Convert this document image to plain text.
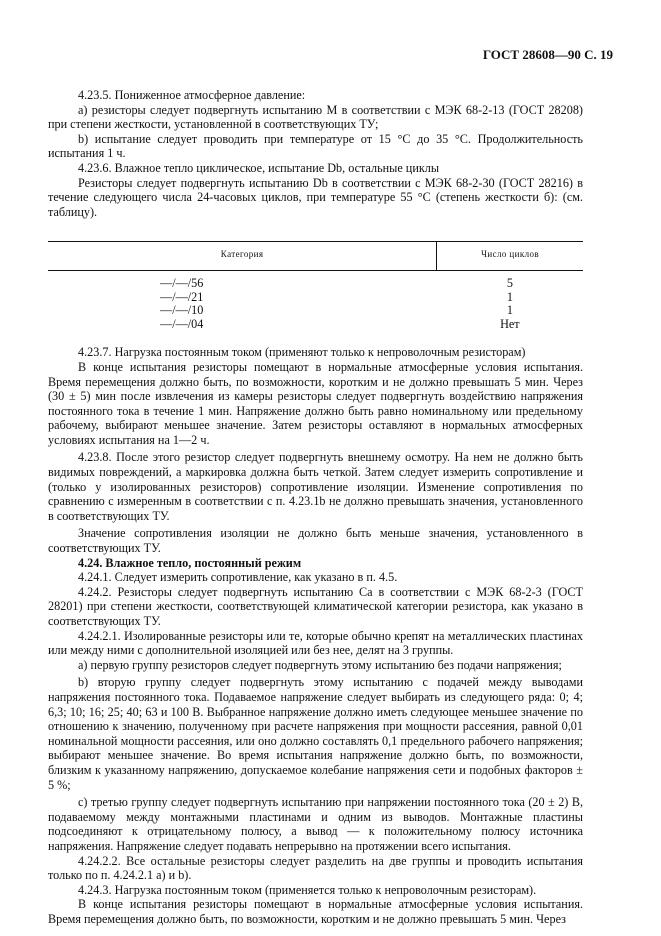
ГОСТ 28608—90 С. 19

4.23.5. Пониженное атмосферное давление:

а) резисторы следует подвергнуть испытанию М в соответствии с МЭК 68-2-13 (ГОСТ 28208) при степени жесткости, установленной в соответствующих ТУ;

b) испытание следует проводить при температуре от 15 °С до 35 °С. Продолжительность испытания 1 ч.

4.23.6. Влажное тепло циклическое, испытание Db, остальные циклы

Резисторы следует подвергнуть испытанию Db в соответствии с МЭК 68-2-30 (ГОСТ 28216) в течение следующего числа 24-часовых циклов, при температуре 55 °С (степень жесткости б): (см. таблицу).

Категория	Число циклов
—/—/56	5
—/—/21	1
—/—/10	1
—/—/04	Нет

4.23.7. Нагрузка постоянным током (применяют только к непроволочным резисторам)

В конце испытания резисторы помещают в нормальные атмосферные условия испытания. Время перемещения должно быть, по возможности, коротким и не должно превышать 5 мин. Через (30 ± 5) мин после извлечения из камеры резисторы следует подвергнуть воздействию напряжения постоянного тока в течение 1 мин. Напряжение должно быть равно номинальному или предельному рабочему, выбирают меньшее значение. Затем резисторы оставляют в нормальных атмосферных условиях испытания на 1—2 ч.

4.23.8. После этого резистор следует подвергнуть внешнему осмотру. На нем не должно быть видимых повреждений, а маркировка должна быть четкой. Затем следует измерить сопротивление и (только у изолированных резисторов) сопротивление изоляции. Изменение сопротивления по сравнению с измеренным в соответствии с п. 4.23.1b не должно превышать значения, установленного в соответствующих ТУ.

Значение сопротивления изоляции не должно быть меньше значения, установленного в соответствующих ТУ.

4.24. Влажное тепло, постоянный режим

4.24.1. Следует измерить сопротивление, как указано в п. 4.5.

4.24.2. Резисторы следует подвергнуть испытанию Са в соответствии с МЭК 68-2-3 (ГОСТ 28201) при степени жесткости, соответствующей климатической категории резистора, как указано в соответствующих ТУ.

4.24.2.1. Изолированные резисторы или те, которые обычно крепят на металлических пластинах или между ними с дополнительной изоляцией или без нее, делят на 3 группы.

а) первую группу резисторов следует подвергнуть этому испытанию без подачи напряжения;

b) вторую группу следует подвергнуть этому испытанию с подачей между выводами напряжения постоянного тока. Подаваемое напряжение следует выбирать из следующего ряда: 0; 4; 6,3; 10; 16; 25; 40; 63 и 100 В. Выбранное напряжение должно иметь следующее меньшее значение по отношению к значению, полученному при расчете напряжения при мощности рассеяния, равной 0,01 номинальной мощности рассеяния, или оно должно составлять 0,1 предельного рабочего напряжения; выбирают меньшее значение. Во время испытания напряжение должно быть, по возможности, близким к указанному напряжению, допускаемое колебание напряжения сети и подобных факторов ± 5 %;

с) третью группу следует подвергнуть испытанию при напряжении постоянного тока (20 ± 2) В, подаваемому между монтажными пластинами и одним из выводов. Монтажные пластины подсоединяют к отрицательному полюсу, а вывод — к положительному полюсу источника напряжения. Напряжение следует подавать непрерывно на протяжении всего испытания.

4.24.2.2. Все остальные резисторы следует разделить на две группы и проводить испытания только по п. 4.24.2.1 а) и b).

4.24.3. Нагрузка постоянным током (применяется только к непроволочным резисторам).

В конце испытания резисторы помещают в нормальные атмосферные условия испытания. Время перемещения должно быть, по возможности, коротким и не должно превышать 5 мин. Через
